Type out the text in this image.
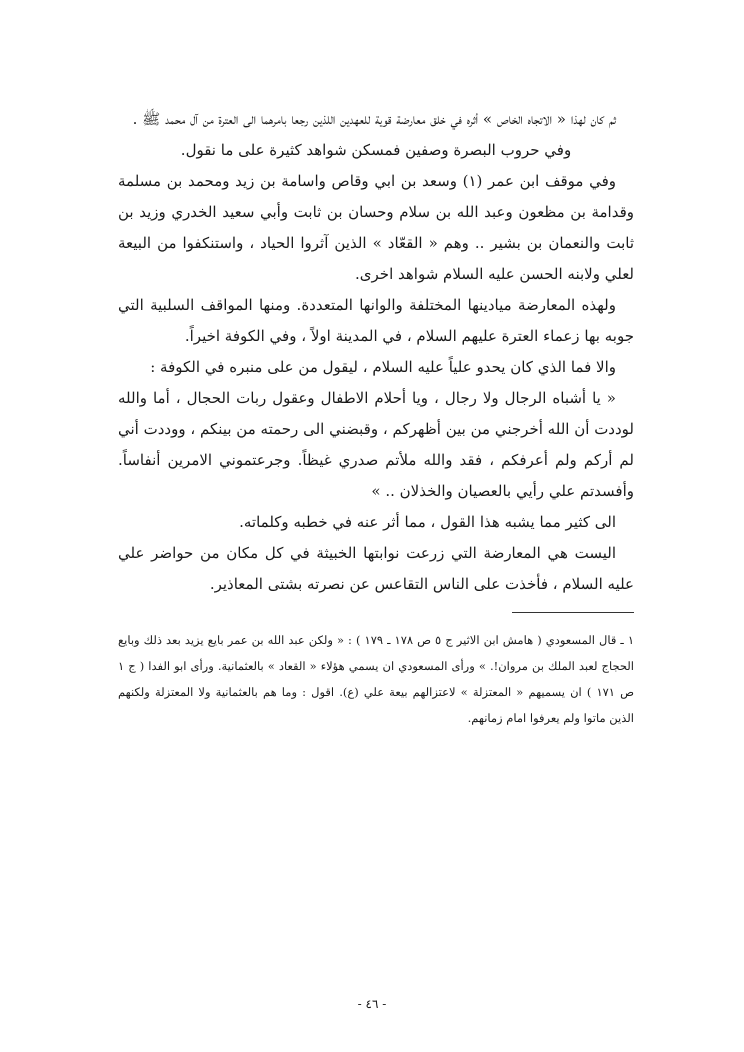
ثم كان لهذا « الاتجاه الخاص » أثره في خلق معارضة قوية للعهدين اللذين رجعا بامرهما الى العترة من آل محمد ﷺ .

وفي حروب البصرة وصفين فمسكن شواهد كثيرة على ما نقول.

وفي موقف ابن عمر (١) وسعد بن ابي وقاص واسامة بن زيد ومحمد بن مسلمة وقدامة بن مظعون وعبد الله بن سلام وحسان بن ثابت وأبي سعيد الخدري وزيد بن ثابت والنعمان بن بشير .. وهم « القعّاد » الذين آثروا الحياد ، واستنكفوا من البيعة لعلي ولابنه الحسن عليه السلام شواهد اخرى.

ولهذه المعارضة ميادينها المختلفة والوانها المتعددة. ومنها المواقف السلبية التي جوبه بها زعماء العترة عليهم السلام ، في المدينة اولاً ، وفي الكوفة اخيراً.

والا فما الذي كان يحدو علياً عليه السلام ، ليقول من على منبره في الكوفة :

« يا أشباه الرجال ولا رجال ، ويا أحلام الاطفال وعقول ربات الحجال ، أما والله لوددت أن الله أخرجني من بين أظهركم ، وقبضني الى رحمته من بينكم ، ووددت أني لم أركم ولم أعرفكم ، فقد والله ملأتم صدري غيظاً. وجرعتموني الامرين أنفاساً. وأفسدتم علي رأيي بالعصيان والخذلان .. »

الى كثير مما يشبه هذا القول ، مما أثر عنه في خطبه وكلماته.

اليست هي المعارضة التي زرعت نوابتها الخبيثة في كل مكان من حواضر علي عليه السلام ، فأخذت على الناس التقاعس عن نصرته بشتى المعاذير.

١ ـ قال المسعودي ( هامش ابن الاثير ج ٥ ص ١٧٨ ـ ١٧٩ ) : « ولكن عبد الله بن عمر بايع يزيد بعد ذلك وبايع الحجاج لعبد الملك بن مروان!. » ورأى المسعودي ان يسمي هؤلاء « القعاد » بالعثمانية. ورأى ابو الفدا ( ج ١ ص ١٧١ ) ان يسميهم « المعتزلة » لاعتزالهم بيعة علي (ع). اقول : وما هم بالعثمانية ولا المعتزلة ولكنهم الذين ماتوا ولم يعرفوا امام زمانهم.

- ٤٦ -
